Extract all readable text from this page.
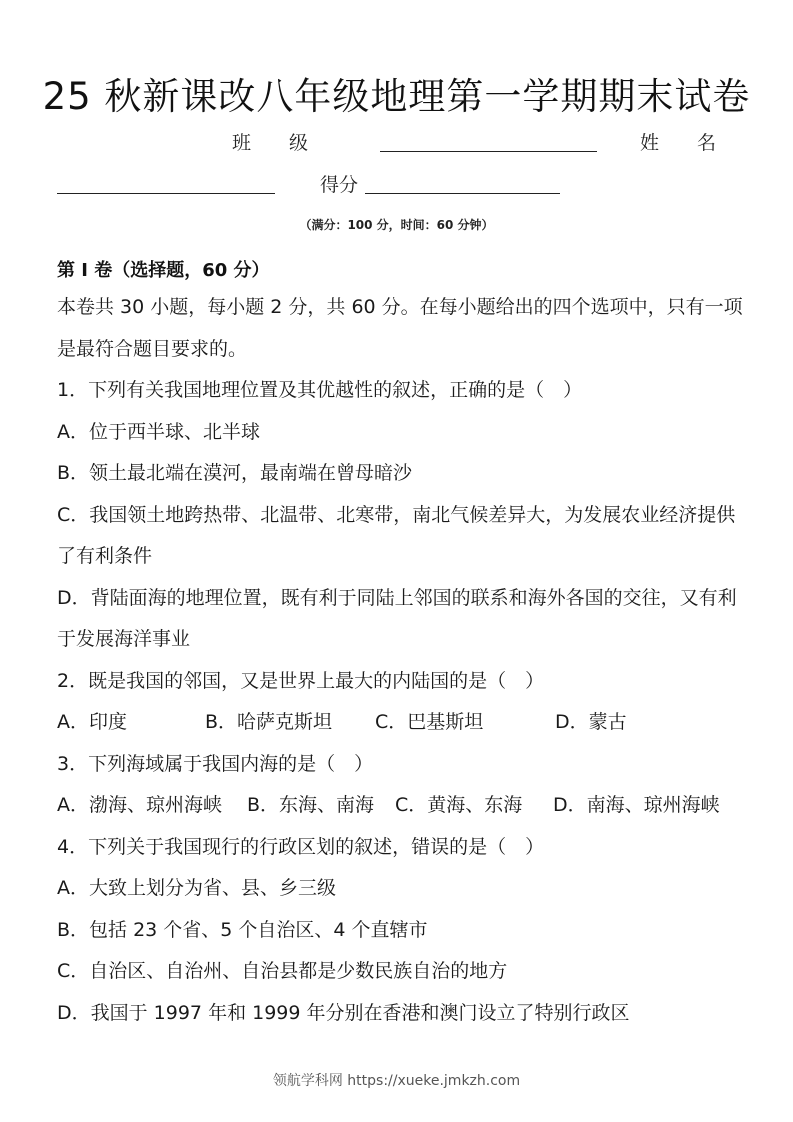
25 秋新课改八年级地理第一学期期末试卷
班　　级	姓　　名
得分
（满分：100 分，时间：60 分钟）
第 I 卷（选择题，60 分）
本卷共 30 小题，每小题 2 分，共 60 分。在每小题给出的四个选项中，只有一项是最符合题目要求的。
1．下列有关我国地理位置及其优越性的叙述，正确的是（　）
A．位于西半球、北半球
B．领土最北端在漠河，最南端在曾母暗沙
C．我国领土地跨热带、北温带、北寒带，南北气候差异大，为发展农业经济提供了有利条件
D．背陆面海的地理位置，既有利于同陆上邻国的联系和海外各国的交往，又有利于发展海洋事业
2．既是我国的邻国，又是世界上最大的内陆国的是（　）
A．印度	B．哈萨克斯坦 C．巴基斯坦	D．蒙古
3．下列海域属于我国内海的是（　）
A．渤海、琼州海峡 B．东海、南海 C．黄海、东海 D．南海、琼州海峡
4．下列关于我国现行的行政区划的叙述，错误的是（　）
A．大致上划分为省、县、乡三级
B．包括 23 个省、5 个自治区、4 个直辖市
C．自治区、自治州、自治县都是少数民族自治的地方
D．我国于 1997 年和 1999 年分别在香港和澳门设立了特别行政区
领航学科网 https://xueke.jmkzh.com
